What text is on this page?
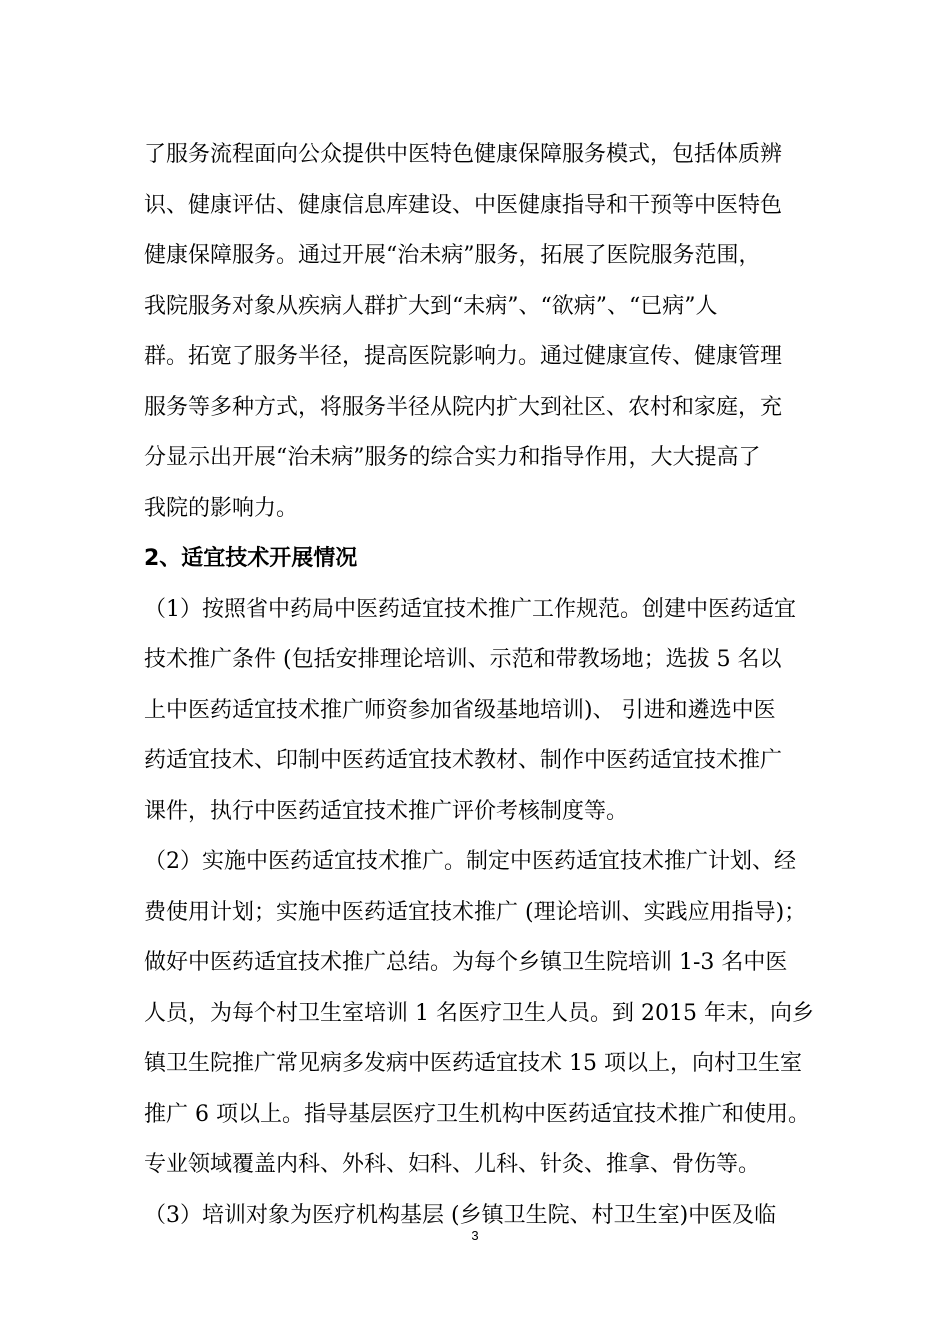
了服务流程面向公众提供中医特色健康保障服务模式，包括体质辨
识、健康评估、健康信息库建设、中医健康指导和干预等中医特色
健康保障服务。通过开展“治未病”服务，拓展了医院服务范围，
我院服务对象从疾病人群扩大到“未病”、“欲病”、“已病”人
群。拓宽了服务半径，提高医院影响力。通过健康宣传、健康管理
服务等多种方式，将服务半径从院内扩大到社区、农村和家庭，充
分显示出开展“治未病”服务的综合实力和指导作用，大大提高了
我院的影响力。
2、适宜技术开展情况
（1）按照省中药局中医药适宜技术推广工作规范。创建中医药适宜
技术推广条件 (包括安排理论培训、示范和带教场地；选拔 5 名以
上中医药适宜技术推广师资参加省级基地培训)、 引进和遴选中医
药适宜技术、印制中医药适宜技术教材、制作中医药适宜技术推广
课件，执行中医药适宜技术推广评价考核制度等。
（2）实施中医药适宜技术推广。制定中医药适宜技术推广计划、经
费使用计划；实施中医药适宜技术推广 (理论培训、实践应用指导)；
做好中医药适宜技术推广总结。为每个乡镇卫生院培训 1-3 名中医
人员，为每个村卫生室培训 1 名医疗卫生人员。到 2015 年末，向乡
镇卫生院推广常见病多发病中医药适宜技术 15 项以上，向村卫生室
推广 6 项以上。指导基层医疗卫生机构中医药适宜技术推广和使用。
专业领域覆盖内科、外科、妇科、儿科、针灸、推拿、骨伤等。
（3）培训对象为医疗机构基层 (乡镇卫生院、村卫生室)中医及临
3
